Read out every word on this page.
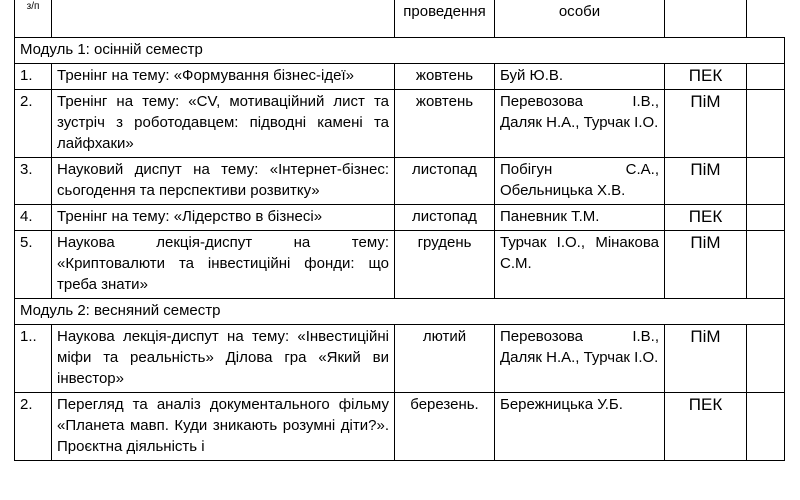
з/п		проведення	особи		
Модуль 1: осінній семестр					
1.	Тренінг на тему: «Формування бізнес-ідеї»	жовтень	Буй Ю.В.	ПЕК	
2.	Тренінг на тему: «CV, мотиваційний лист та зустріч з роботодавцем: підводні камені та лайфхаки»	жовтень	Перевозова І.В., Даляк Н.А., Турчак І.О.	ПіМ	
3.	Науковий диспут на тему: «Інтернет-бізнес: сьогодення та перспективи розвитку»	листопад	Побігун С.А., Обельницька Х.В.	ПіМ	
4.	Тренінг на тему: «Лідерство в бізнесі»	листопад	Паневник Т.М.	ПЕК	
5.	Наукова лекція-диспут на тему: «Криптовалюти та інвестиційні фонди: що треба знати»	грудень	Турчак І.О., Мінакова С.М.	ПіМ	
Модуль 2: весняний семестр					
1..	Наукова лекція-диспут на тему: «Інвестиційні міфи та реальність» Ділова гра «Який ви інвестор»	лютий	Перевозова І.В., Даляк Н.А., Турчак І.О.	ПіМ	
2.	Перегляд та аналіз документального фільму «Планета мавп. Куди зникають розумні діти?». Проєктна діяльність і	березень.	Бережницька У.Б.	ПЕК	
